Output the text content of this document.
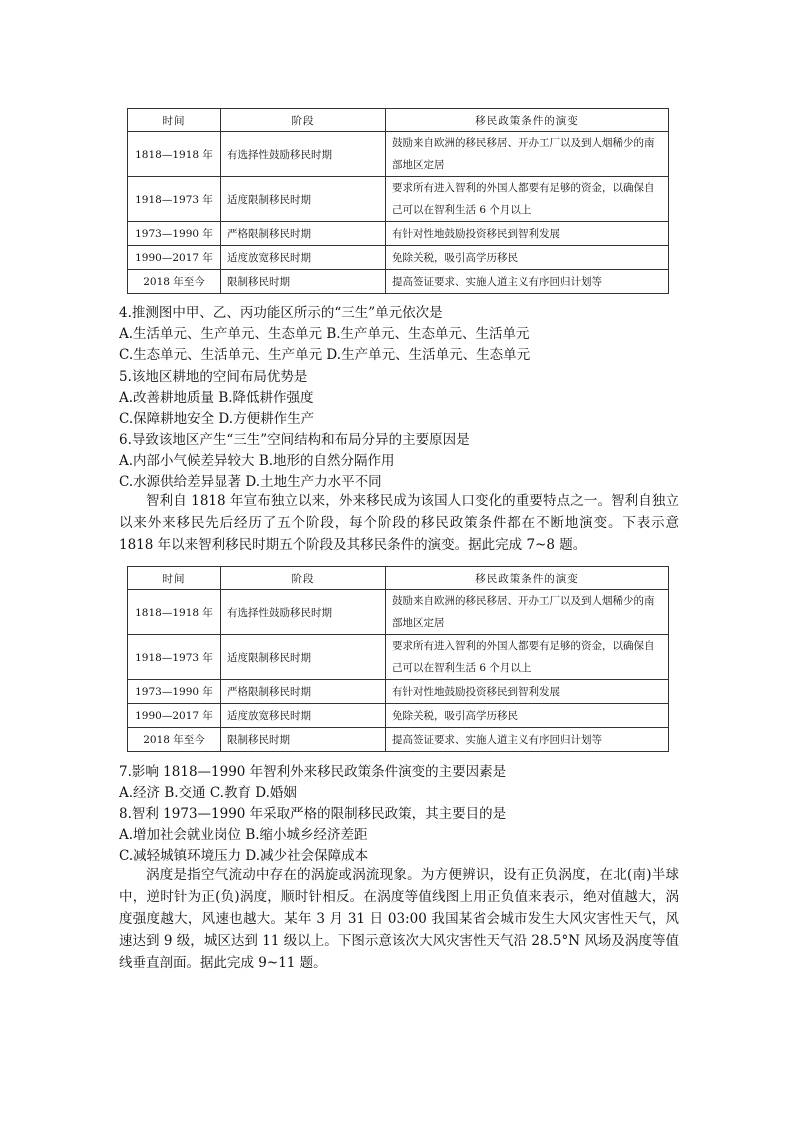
时间	阶段	移民政策条件的演变
1818—1918 年	有选择性鼓励移民时期	鼓励来自欧洲的移民移居、开办工厂以及到人烟稀少的南部地区定居
1918—1973 年	适度限制移民时期	要求所有进入智利的外国人都要有足够的资金，以确保自己可以在智利生活 6 个月以上
1973—1990 年	严格限制移民时期	有针对性地鼓励投资移民到智利发展
1990—2017 年	适度放宽移民时期	免除关税，吸引高学历移民
2018 年至今	限制移民时期	提高签证要求、实施人道主义有序回归计划等
4.推测图中甲、乙、丙功能区所示的“三生”单元依次是
A.生活单元、生产单元、生态单元 B.生产单元、生态单元、生活单元
C.生态单元、生活单元、生产单元 D.生产单元、生活单元、生态单元
5.该地区耕地的空间布局优势是
A.改善耕地质量 B.降低耕作强度
C.保障耕地安全 D.方便耕作生产
6.导致该地区产生“三生”空间结构和布局分异的主要原因是
A.内部小气候差异较大 B.地形的自然分隔作用
C.水源供给差异显著 D.土地生产力水平不同
智利自 1818 年宣布独立以来，外来移民成为该国人口变化的重要特点之一。智利自独立以来外来移民先后经历了五个阶段，每个阶段的移民政策条件都在不断地演变。下表示意 1818 年以来智利移民时期五个阶段及其移民条件的演变。据此完成 7~8 题。
时间	阶段	移民政策条件的演变
1818—1918 年	有选择性鼓励移民时期	鼓励来自欧洲的移民移居、开办工厂以及到人烟稀少的南部地区定居
1918—1973 年	适度限制移民时期	要求所有进入智利的外国人都要有足够的资金，以确保自己可以在智利生活 6 个月以上
1973—1990 年	严格限制移民时期	有针对性地鼓励投资移民到智利发展
1990—2017 年	适度放宽移民时期	免除关税，吸引高学历移民
2018 年至今	限制移民时期	提高签证要求、实施人道主义有序回归计划等
7.影响 1818—1990 年智利外来移民政策条件演变的主要因素是
A.经济 B.交通 C.教育 D.婚姻
8.智利 1973—1990 年采取严格的限制移民政策，其主要目的是
A.增加社会就业岗位 B.缩小城乡经济差距
C.减轻城镇环境压力 D.减少社会保障成本
涡度是指空气流动中存在的涡旋或涡流现象。为方便辨识，设有正负涡度，在北(南)半球中，逆时针为正(负)涡度，顺时针相反。在涡度等值线图上用正负值来表示，绝对值越大，涡度强度越大，风速也越大。某年 3 月 31 日 03:00 我国某省会城市发生大风灾害性天气，风速达到 9 级，城区达到 11 级以上。下图示意该次大风灾害性天气沿 28.5°N 风场及涡度等值线垂直剖面。据此完成 9~11 题。
